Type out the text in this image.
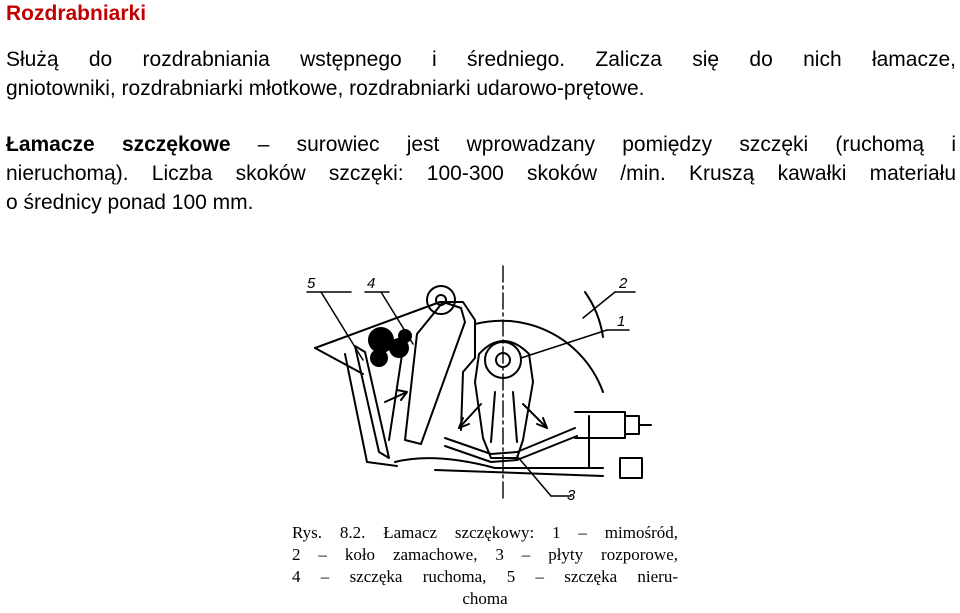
Rozdrabniarki
Służą do rozdrabniania wstępnego i średniego. Zalicza się do nich łamacze,
gniotowniki, rozdrabniarki młotkowe, rozdrabniarki udarowo-prętowe.
Łamacze szczękowe – surowiec jest wprowadzany pomiędzy szczęki (ruchomą i
nieruchomą). Liczba skoków szczęki: 100-300 skoków /min. Kruszą kawałki materiału
o średnicy ponad 100 mm.
5	4	2
1
3
Rys. 8.2. Łamacz szczękowy: 1 – mimośród,
2 – koło zamachowe, 3 – płyty rozporowe,
4 – szczęka ruchoma, 5 – szczęka nieru-
choma
